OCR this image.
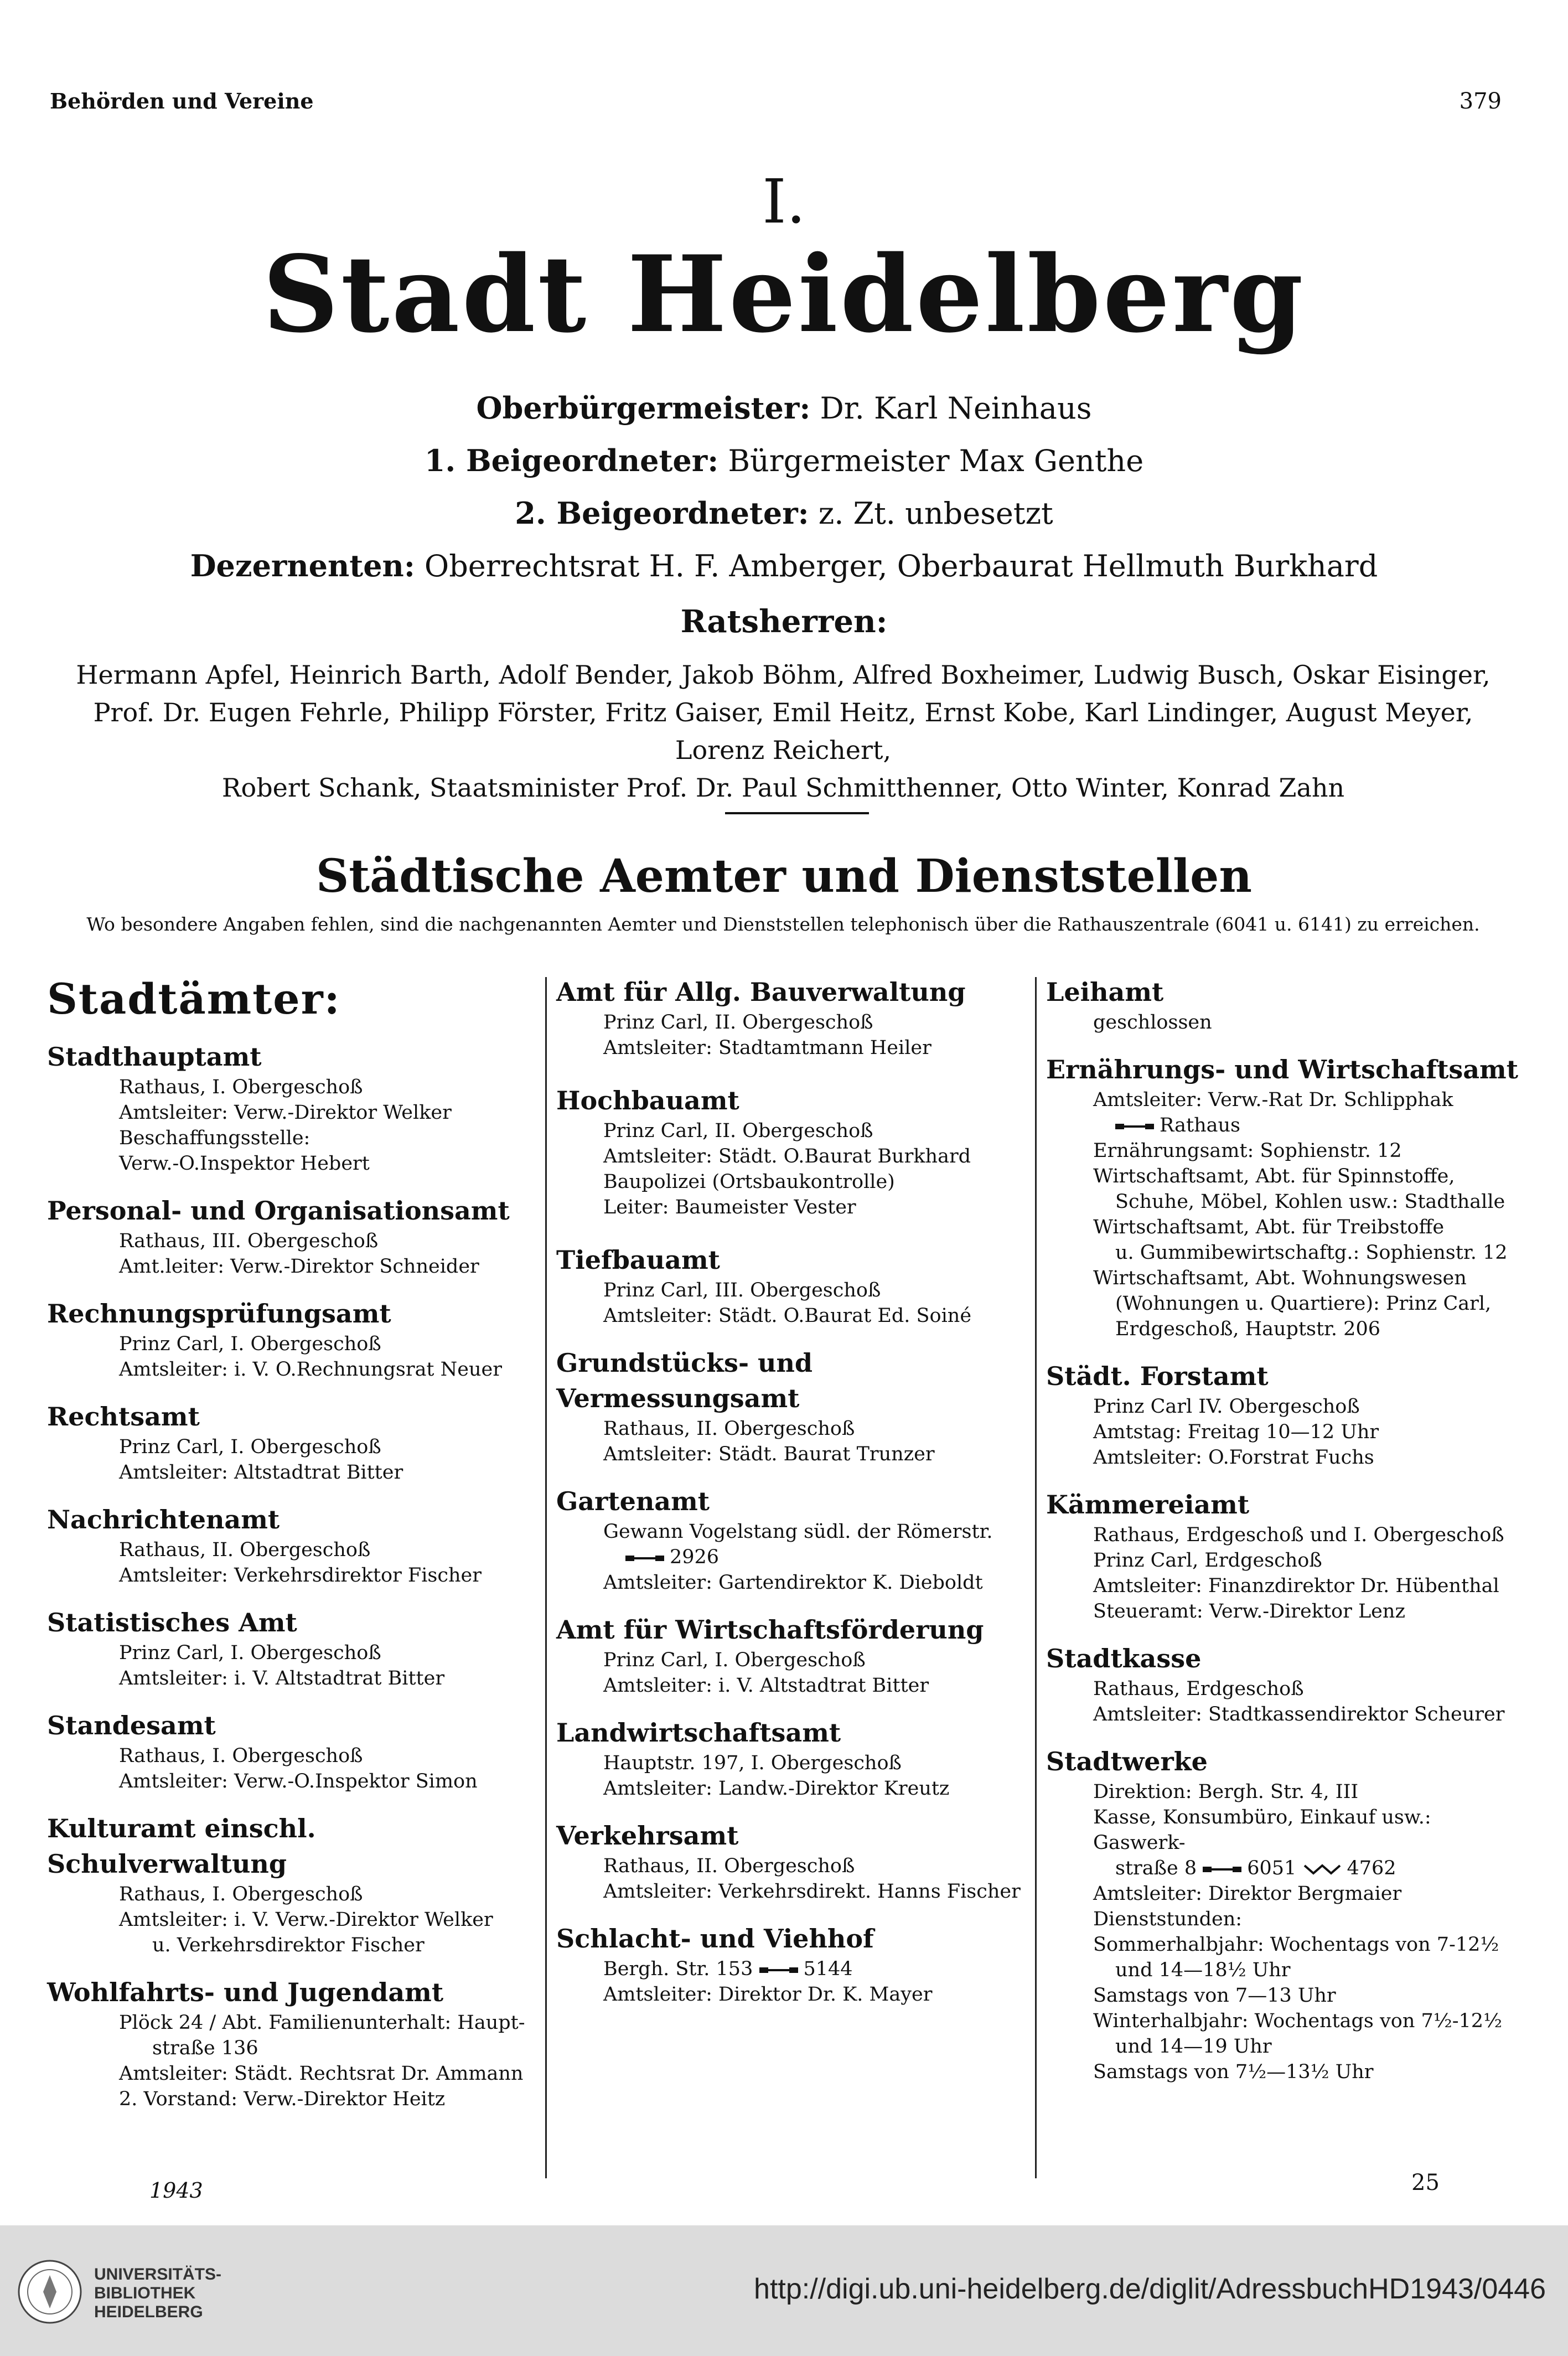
Behörden und Vereine	379
I.
Stadt Heidelberg
Oberbürgermeister: Dr. Karl Neinhaus
1. Beigeordneter: Bürgermeister Max Genthe
2. Beigeordneter: z. Zt. unbesetzt
Dezernenten: Oberrechtsrat H. F. Amberger, Oberbaurat Hellmuth Burkhard
Ratsherren:
Hermann Apfel, Heinrich Barth, Adolf Bender, Jakob Böhm, Alfred Boxheimer, Ludwig Busch, Oskar Eisinger,
Prof. Dr. Eugen Fehrle, Philipp Förster, Fritz Gaiser, Emil Heitz, Ernst Kobe, Karl Lindinger, August Meyer, Lorenz Reichert,
Robert Schank, Staatsminister Prof. Dr. Paul Schmitthenner, Otto Winter, Konrad Zahn
Städtische Aemter und Dienststellen
Wo besondere Angaben fehlen, sind die nachgenannten Aemter und Dienststellen telephonisch über die Rathauszentrale (6041 u. 6141) zu erreichen.
Stadtämter:
Stadthauptamt
Rathaus, I. Obergeschoß
Amtsleiter: Verw.-Direktor Welker
Beschaffungsstelle:
Verw.-O.Inspektor Hebert
Personal- und Organisationsamt
Rathaus, III. Obergeschoß
Amt.leiter: Verw.-Direktor Schneider
Rechnungsprüfungsamt
Prinz Carl, I. Obergeschoß
Amtsleiter: i. V. O.Rechnungsrat Neuer
Rechtsamt
Prinz Carl, I. Obergeschoß
Amtsleiter: Altstadtrat Bitter
Nachrichtenamt
Rathaus, II. Obergeschoß
Amtsleiter: Verkehrsdirektor Fischer
Statistisches Amt
Prinz Carl, I. Obergeschoß
Amtsleiter: i. V. Altstadtrat Bitter
Standesamt
Rathaus, I. Obergeschoß
Amtsleiter: Verw.-O.Inspektor Simon
Kulturamt einschl. Schulverwaltung
Rathaus, I. Obergeschoß
Amtsleiter: i. V. Verw.-Direktor Welker
u. Verkehrsdirektor Fischer
Wohlfahrts- und Jugendamt
Plöck 24 / Abt. Familienunterhalt: Haupt-
straße 136
Amtsleiter: Städt. Rechtsrat Dr. Ammann
2. Vorstand: Verw.-Direktor Heitz
Amt für Allg. Bauverwaltung
Prinz Carl, II. Obergeschoß
Amtsleiter: Stadtamtmann Heiler
Hochbauamt
Prinz Carl, II. Obergeschoß
Amtsleiter: Städt. O.Baurat Burkhard
Baupolizei (Ortsbaukontrolle)
Leiter: Baumeister Vester
Tiefbauamt
Prinz Carl, III. Obergeschoß
Amtsleiter: Städt. O.Baurat Ed. Soiné
Grundstücks- und Vermessungsamt
Rathaus, II. Obergeschoß
Amtsleiter: Städt. Baurat Trunzer
Gartenamt
Gewann Vogelstang südl. der Römerstr.
2926
Amtsleiter: Gartendirektor K. Dieboldt
Amt für Wirtschaftsförderung
Prinz Carl, I. Obergeschoß
Amtsleiter: i. V. Altstadtrat Bitter
Landwirtschaftsamt
Hauptstr. 197, I. Obergeschoß
Amtsleiter: Landw.-Direktor Kreutz
Verkehrsamt
Rathaus, II. Obergeschoß
Amtsleiter: Verkehrsdirekt. Hanns Fischer
Schlacht- und Viehhof
Bergh. Str. 153	5144
Amtsleiter: Direktor Dr. K. Mayer
Leihamt
geschlossen
Ernährungs- und Wirtschaftsamt
Amtsleiter: Verw.-Rat Dr. Schlipphak
Rathaus
Ernährungsamt: Sophienstr. 12
Wirtschaftsamt, Abt. für Spinnstoffe,
Schuhe, Möbel, Kohlen usw.: Stadthalle
Wirtschaftsamt, Abt. für Treibstoffe
u. Gummibewirtschaftg.: Sophienstr. 12
Wirtschaftsamt, Abt. Wohnungswesen
(Wohnungen u. Quartiere): Prinz Carl,
Erdgeschoß, Hauptstr. 206
Städt. Forstamt
Prinz Carl IV. Obergeschoß
Amtstag: Freitag 10—12 Uhr
Amtsleiter: O.Forstrat Fuchs
Kämmereiamt
Rathaus, Erdgeschoß und I. Obergeschoß
Prinz Carl, Erdgeschoß
Amtsleiter: Finanzdirektor Dr. Hübenthal
Steueramt: Verw.-Direktor Lenz
Stadtkasse
Rathaus, Erdgeschoß
Amtsleiter: Stadtkassendirektor Scheurer
Stadtwerke
Direktion: Bergh. Str. 4, III
Kasse, Konsumbüro, Einkauf usw.: Gaswerk-
straße 8	6051	4762
Amtsleiter: Direktor Bergmaier
Dienststunden:
Sommerhalbjahr: Wochentags von 7-12½
und 14—18½ Uhr
Samstags von 7—13 Uhr
Winterhalbjahr: Wochentags von 7½-12½
und 14—19 Uhr
Samstags von 7½—13½ Uhr
1943	25
UNIVERSITÄTS-
BIBLIOTHEK
HEIDELBERG
http://digi.ub.uni-heidelberg.de/diglit/AdressbuchHD1943/0446
